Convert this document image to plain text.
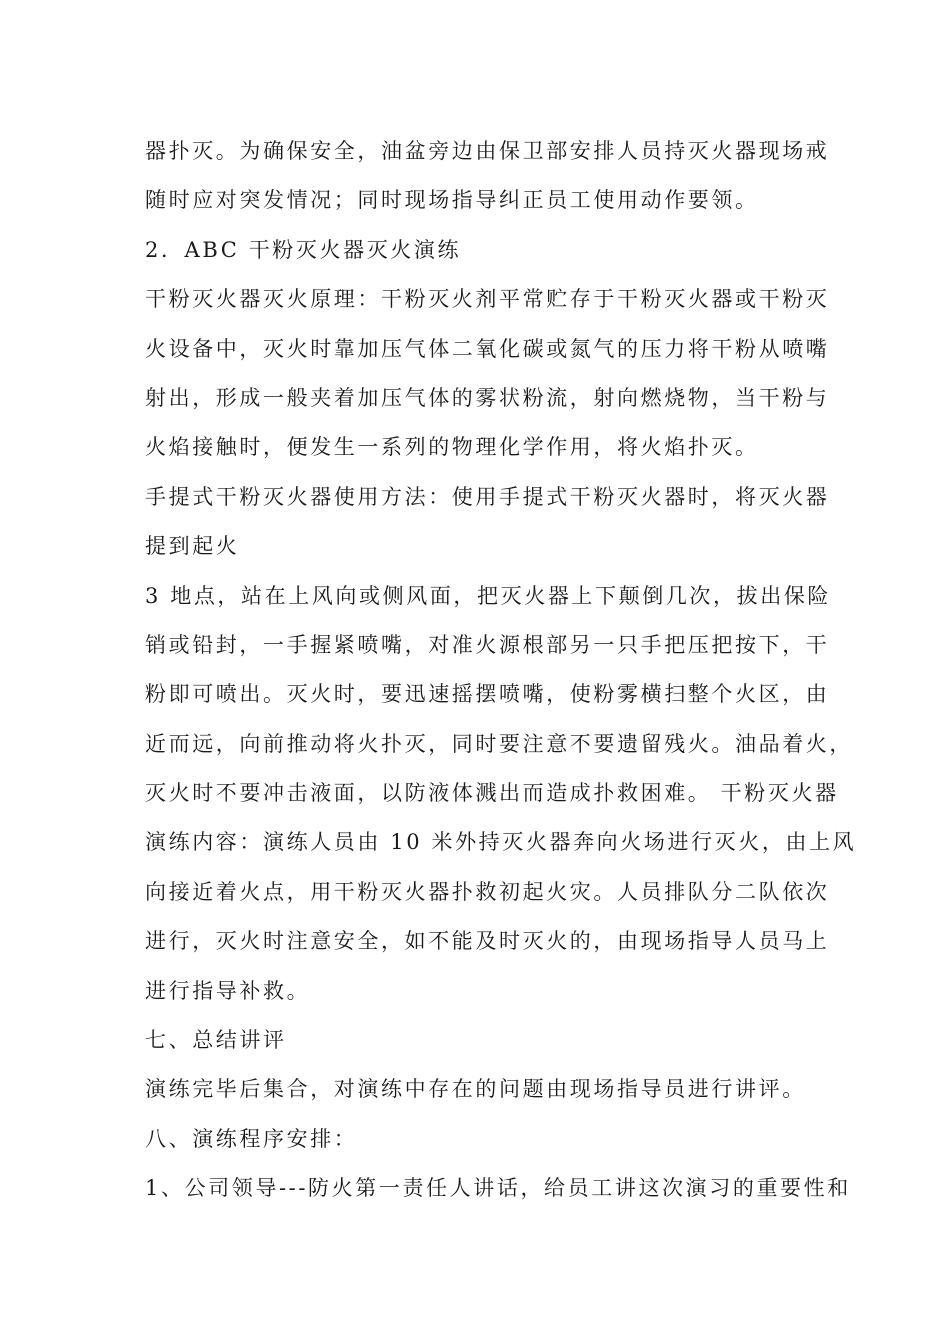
器扑灭。为确保安全，油盆旁边由保卫部安排人员持灭火器现场戒
随时应对突发情况；同时现场指导纠正员工使用动作要领。
2．ABC 干粉灭火器灭火演练
干粉灭火器灭火原理：干粉灭火剂平常贮存于干粉灭火器或干粉灭
火设备中，灭火时靠加压气体二氧化碳或氮气的压力将干粉从喷嘴
射出，形成一般夹着加压气体的雾状粉流，射向燃烧物，当干粉与
火焰接触时，便发生一系列的物理化学作用，将火焰扑灭。
手提式干粉灭火器使用方法：使用手提式干粉灭火器时，将灭火器
提到起火
3 地点，站在上风向或侧风面，把灭火器上下颠倒几次，拔出保险
销或铅封，一手握紧喷嘴，对准火源根部另一只手把压把按下，干
粉即可喷出。灭火时，要迅速摇摆喷嘴，使粉雾横扫整个火区，由
近而远，向前推动将火扑灭，同时要注意不要遗留残火。油品着火，
灭火时不要冲击液面，以防液体溅出而造成扑救困难。 干粉灭火器
演练内容：演练人员由 10 米外持灭火器奔向火场进行灭火，由上风
向接近着火点，用干粉灭火器扑救初起火灾。人员排队分二队依次
进行，灭火时注意安全，如不能及时灭火的，由现场指导人员马上
进行指导补救。
七、总结讲评
演练完毕后集合，对演练中存在的问题由现场指导员进行讲评。
八、演练程序安排：
1、公司领导---防火第一责任人讲话，给员工讲这次演习的重要性和
